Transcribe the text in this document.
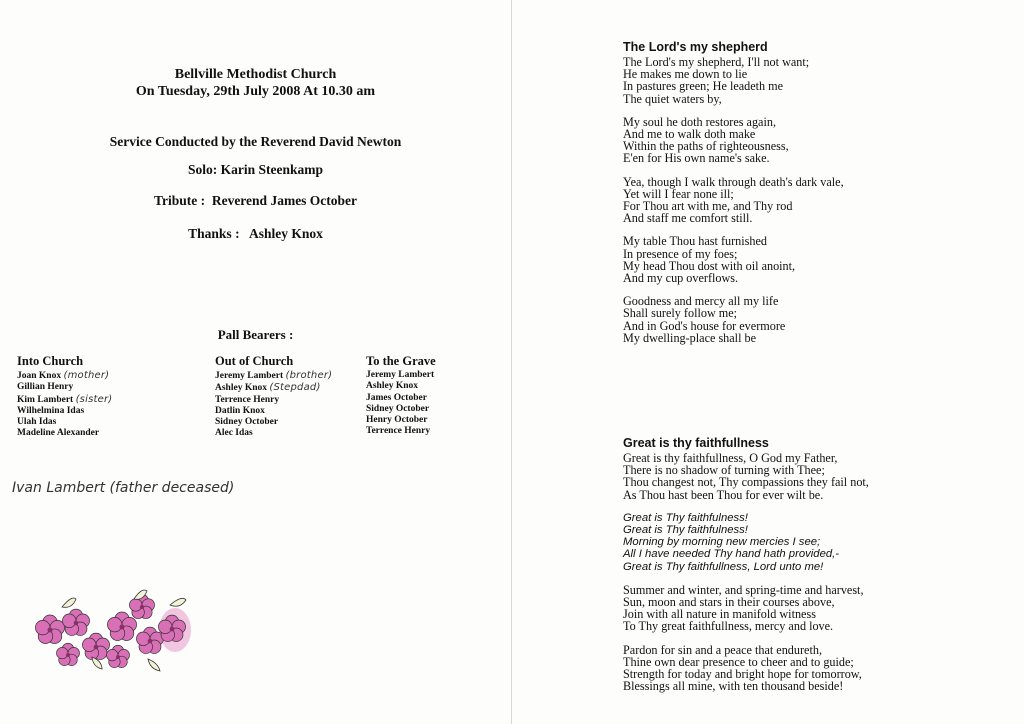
Bellville Methodist Church
On Tuesday, 29th July 2008 At 10.30 am
Service Conducted by the Reverend David Newton
Solo: Karin Steenkamp
Tribute : Reverend James October
Thanks : Ashley Knox
Pall Bearers :
Into Church
Joan Knox (mother)
Gillian Henry
Kim Lambert (sister)
Wilhelmina Idas
Ulah Idas
Madeline Alexander
Out of Church
Jeremy Lambert (brother)
Ashley Knox (Stepdad)
Terrence Henry
Datlin Knox
Sidney October
Alec Idas
To the Grave
Jeremy Lambert
Ashley Knox
James October
Sidney October
Henry October
Terrence Henry
Ivan Lambert (father deceased)
The Lord's my shepherd
The Lord's my shepherd, I'll not want;
He makes me down to lie
In pastures green; He leadeth me
The quiet waters by,
My soul he doth restores again,
And me to walk doth make
Within the paths of righteousness,
E'en for His own name's sake.
Yea, though I walk through death's dark vale,
Yet will I fear none ill;
For Thou art with me, and Thy rod
And staff me comfort still.
My table Thou hast furnished
In presence of my foes;
My head Thou dost with oil anoint,
And my cup overflows.
Goodness and mercy all my life
Shall surely follow me;
And in God's house for evermore
My dwelling-place shall be
Great is thy faithfullness
Great is thy faithfullness, O God my Father,
There is no shadow of turning with Thee;
Thou changest not, Thy compassions they fail not,
As Thou hast been Thou for ever wilt be.
Great is Thy faithfulness!
Great is Thy faithfulness!
Morning by morning new mercies I see;
All I have needed Thy hand hath provided,-
Great is Thy faithfullness, Lord unto me!
Summer and winter, and spring-time and harvest,
Sun, moon and stars in their courses above,
Join with all nature in manifold witness
To Thy great faithfullness, mercy and love.
Pardon for sin and a peace that endureth,
Thine own dear presence to cheer and to guide;
Strength for today and bright hope for tomorrow,
Blessings all mine, with ten thousand beside!
